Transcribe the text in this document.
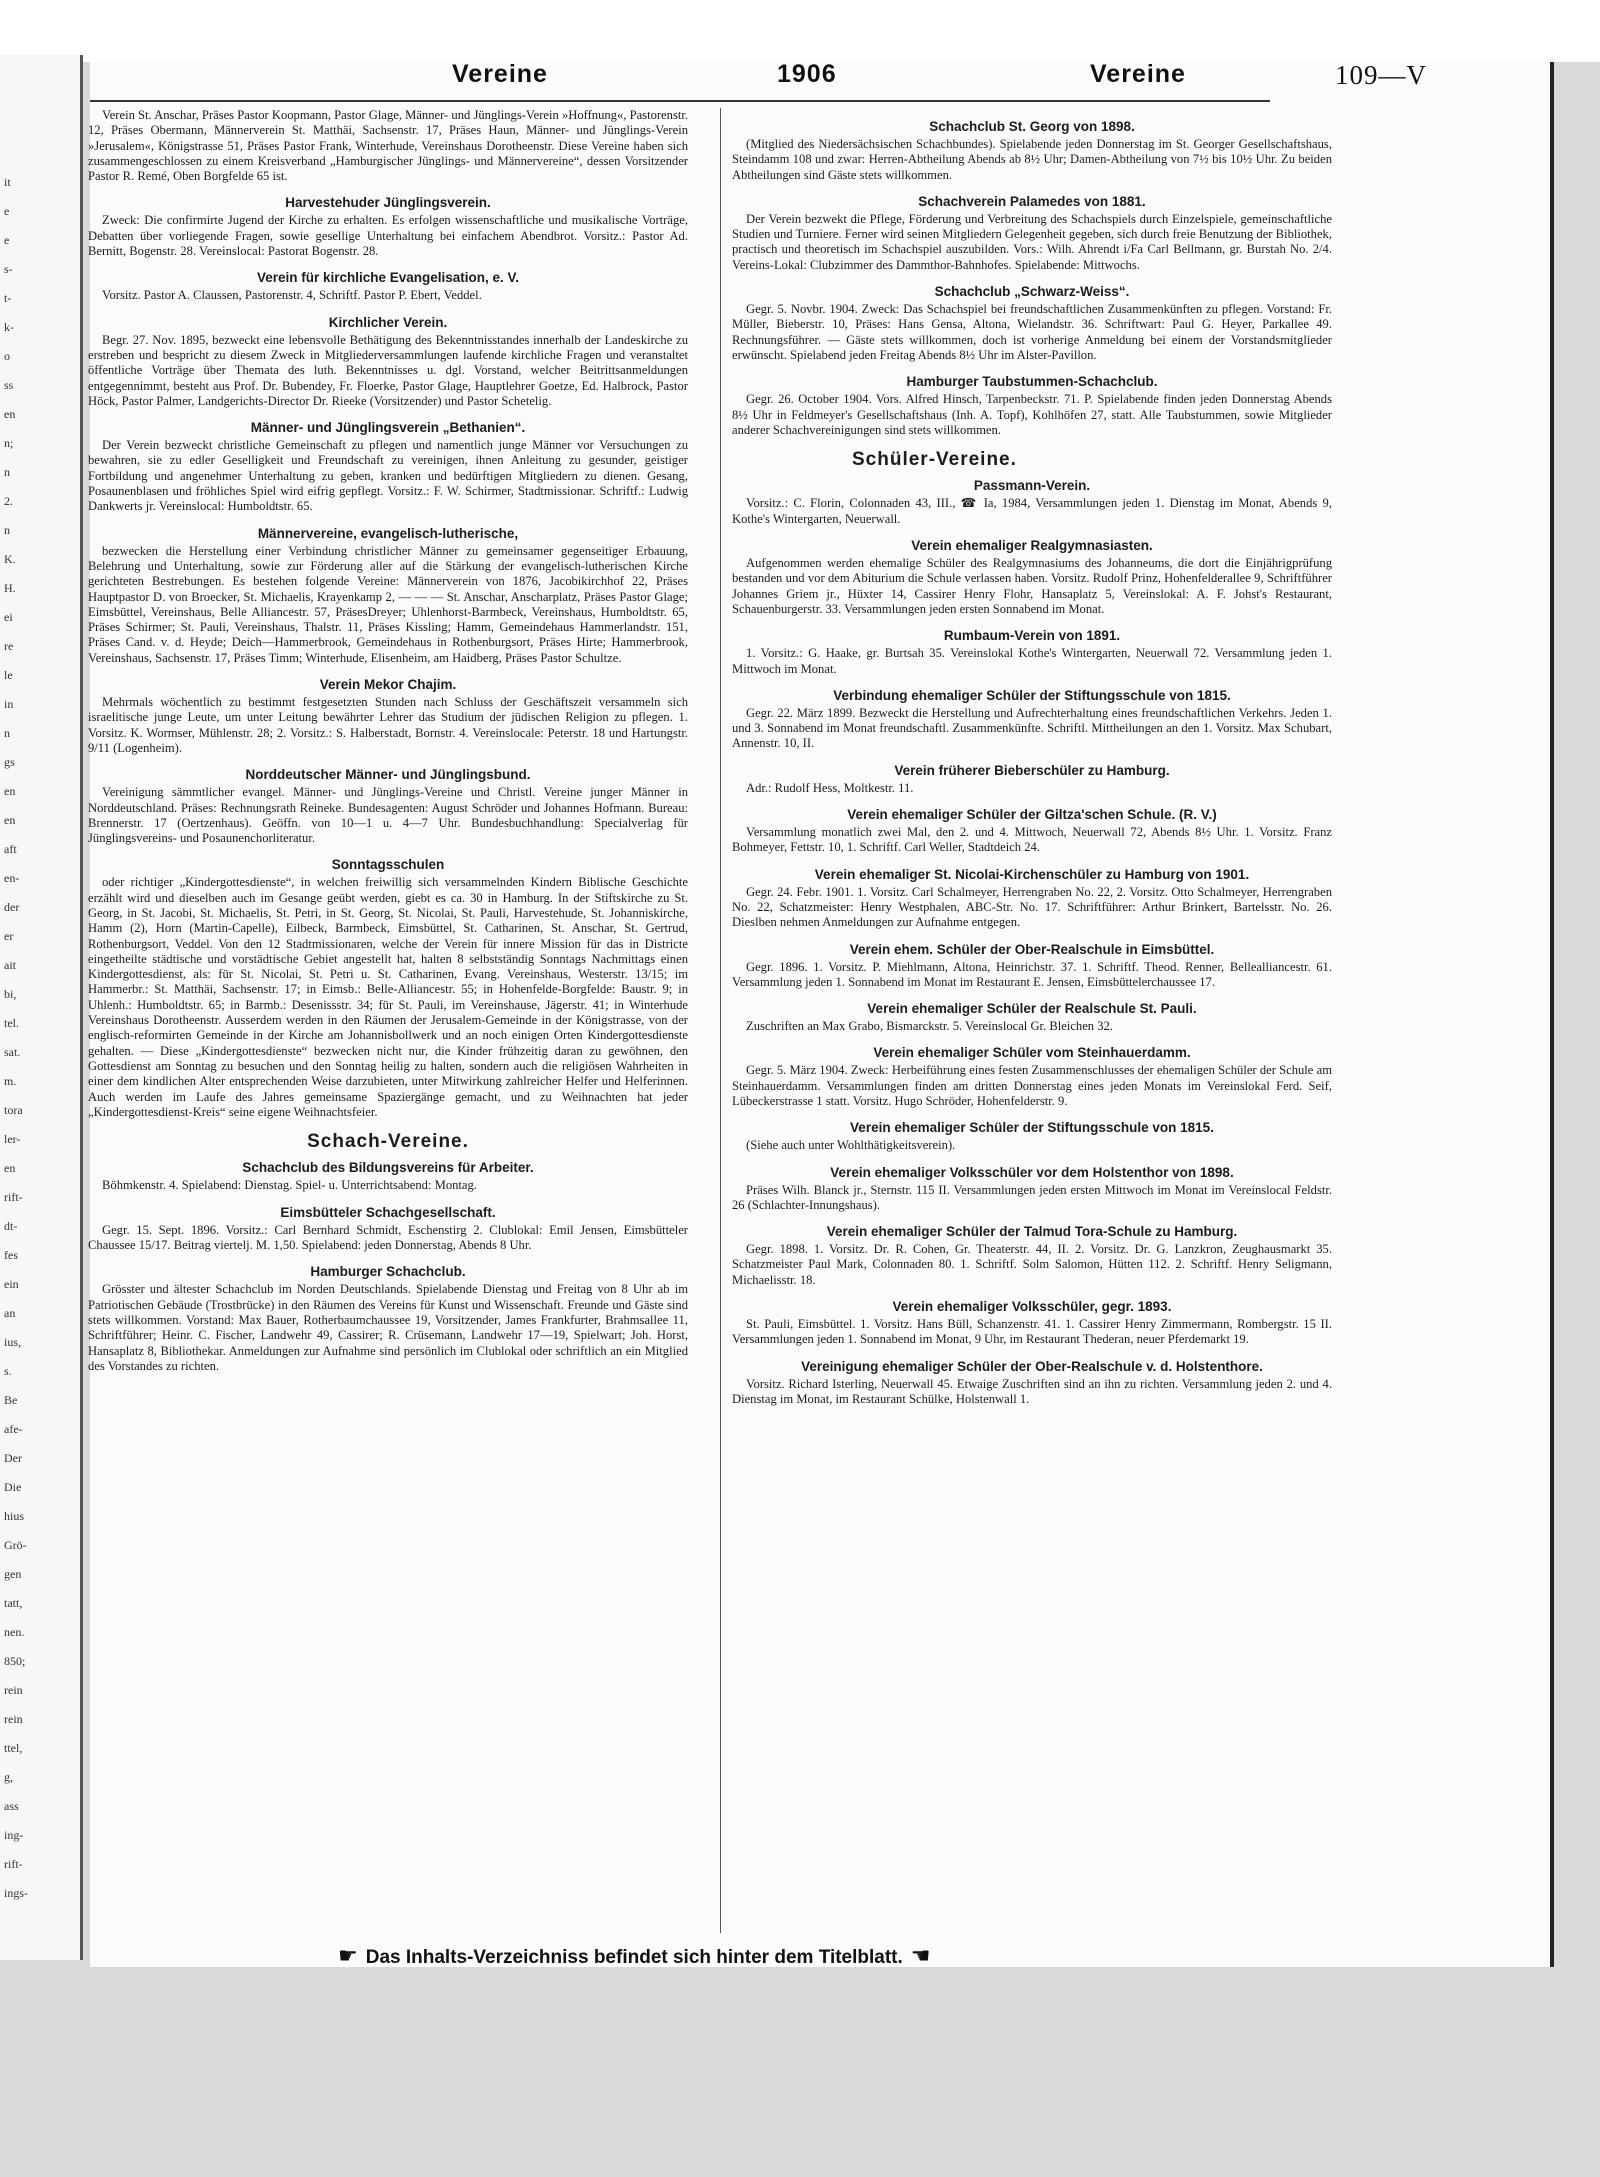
it
e
e
s-
t-
k-
o
ss
en
n;
n
2.
n
K.
H.
ei
re
le
in
n
gs
en
en
aft
en-
der
er
ait
bi,
tel.
sat.
m.
tora
ler-
en
rift-
dt-
fes
ein
an
ius,
s.
Be
afe-
Der
Die
hius
Grö-
gen
tatt,
nen.
850;
rein
rein
ttel,
g,
ass
ing-
rift-
ings-
Vereine	1906	Vereine	109—V

Verein St. Anschar, Präses Pastor Koopmann, Pastor Glage, Männer- und Jünglings-Verein »Hoffnung«, Pastorenstr. 12, Präses Obermann, Männerverein St. Matthäi, Sachsenstr. 17, Präses Haun, Männer- und Jünglings-Verein »Jerusalem«, Königstrasse 51, Präses Pastor Frank, Winterhude, Vereinshaus Dorotheenstr. Diese Vereine haben sich zusammengeschlossen zu einem Kreisverband „Hamburgischer Jünglings- und Männervereine“, dessen Vorsitzender Pastor R. Remé, Oben Borgfelde 65 ist.

Harvestehuder Jünglingsverein.

Zweck: Die confirmirte Jugend der Kirche zu erhalten. Es erfolgen wissenschaftliche und musikalische Vorträge, Debatten über vorliegende Fragen, sowie gesellige Unterhaltung bei einfachem Abendbrot. Vorsitz.: Pastor Ad. Bernitt, Bogenstr. 28. Vereinslocal: Pastorat Bogenstr. 28.

Verein für kirchliche Evangelisation, e. V.

Vorsitz. Pastor A. Claussen, Pastorenstr. 4, Schriftf. Pastor P. Ebert, Veddel.

Kirchlicher Verein.

Begr. 27. Nov. 1895, bezweckt eine lebensvolle Bethätigung des Bekenntnisstandes innerhalb der Landeskirche zu erstreben und bespricht zu diesem Zweck in Mitgliederversammlungen laufende kirchliche Fragen und veranstaltet öffentliche Vorträge über Themata des luth. Bekenntnisses u. dgl. Vorstand, welcher Beitrittsanmeldungen entgegennimmt, besteht aus Prof. Dr. Bubendey, Fr. Floerke, Pastor Glage, Hauptlehrer Goetze, Ed. Halbrock, Pastor Höck, Pastor Palmer, Landgerichts-Director Dr. Rieeke (Vorsitzender) und Pastor Schetelig.

Männer- und Jünglingsverein „Bethanien“.

Der Verein bezweckt christliche Gemeinschaft zu pflegen und namentlich junge Männer vor Versuchungen zu bewahren, sie zu edler Geselligkeit und Freundschaft zu vereinigen, ihnen Anleitung zu gesunder, geistiger Fortbildung und angenehmer Unterhaltung zu geben, kranken und bedürftigen Mitgliedern zu dienen. Gesang, Posaunenblasen und fröhliches Spiel wird eifrig gepflegt. Vorsitz.: F. W. Schirmer, Stadtmissionar. Schriftf.: Ludwig Dankwerts jr. Vereinslocal: Humboldtstr. 65.

Männervereine, evangelisch-lutherische,

bezwecken die Herstellung einer Verbindung christlicher Männer zu gemeinsamer gegenseitiger Erbauung, Belehrung und Unterhaltung, sowie zur Förderung aller auf die Stärkung der evangelisch-lutherischen Kirche gerichteten Bestrebungen. Es bestehen folgende Vereine: Männerverein von 1876, Jacobikirchhof 22, Präses Hauptpastor D. von Broecker, St. Michaelis, Krayenkamp 2, — — — St. Anschar, Anscharplatz, Präses Pastor Glage; Eimsbüttel, Vereinshaus, Belle Alliancestr. 57, PräsesDreyer; Uhlenhorst-Barmbeck, Vereinshaus, Humboldtstr. 65, Präses Schirmer; St. Pauli, Vereinshaus, Thalstr. 11, Präses Kissling; Hamm, Gemeindehaus Hammerlandstr. 151, Präses Cand. v. d. Heyde; Deich—Hammerbrook, Gemeindehaus in Rothenburgsort, Präses Hirte; Hammerbrook, Vereinshaus, Sachsenstr. 17, Präses Timm; Winterhude, Elisenheim, am Haidberg, Präses Pastor Schultze.

Verein Mekor Chajim.

Mehrmals wöchentlich zu bestimmt festgesetzten Stunden nach Schluss der Geschäftszeit versammeln sich israelitische junge Leute, um unter Leitung bewährter Lehrer das Studium der jüdischen Religion zu pflegen. 1. Vorsitz. K. Wormser, Mühlenstr. 28; 2. Vorsitz.: S. Halberstadt, Bornstr. 4. Vereinslocale: Peterstr. 18 und Hartungstr. 9/11 (Logenheim).

Norddeutscher Männer- und Jünglingsbund.

Vereinigung sämmtlicher evangel. Männer- und Jünglings-Vereine und Christl. Vereine junger Männer in Norddeutschland. Präses: Rechnungsrath Reineke. Bundesagenten: August Schröder und Johannes Hofmann. Bureau: Brennerstr. 17 (Oertzenhaus). Geöffn. von 10—1 u. 4—7 Uhr. Bundesbuchhandlung: Specialverlag für Jünglingsvereins- und Posaunenchorliteratur.

Sonntagsschulen

oder richtiger „Kindergottesdienste“, in welchen freiwillig sich versammelnden Kindern Biblische Geschichte erzählt wird und dieselben auch im Gesange geübt werden, giebt es ca. 30 in Hamburg. In der Stiftskirche zu St. Georg, in St. Jacobi, St. Michaelis, St. Petri, in St. Georg, St. Nicolai, St. Pauli, Harvestehude, St. Johanniskirche, Hamm (2), Horn (Martin-Capelle), Eilbeck, Barmbeck, Eimsbüttel, St. Catharinen, St. Anschar, St. Gertrud, Rothenburgsort, Veddel. Von den 12 Stadtmissionaren, welche der Verein für innere Mission für das in Districte eingetheilte städtische und vorstädtische Gebiet angestellt hat, halten 8 selbstständig Sonntags Nachmittags einen Kindergottesdienst, als: für St. Nicolai, St. Petri u. St. Catharinen, Evang. Vereinshaus, Westerstr. 13/15; im Hammerbr.: St. Matthäi, Sachsenstr. 17; in Eimsb.: Belle-Alliancestr. 55; in Hohenfelde-Borgfelde: Baustr. 9; in Uhlenh.: Humboldtstr. 65; in Barmb.: Desenissstr. 34; für St. Pauli, im Vereinshause, Jägerstr. 41; in Winterhude Vereinshaus Dorotheenstr. Ausserdem werden in den Räumen der Jerusalem-Gemeinde in der Königstrasse, von der englisch-reformirten Gemeinde in der Kirche am Johannisbollwerk und an noch einigen Orten Kindergottesdienste gehalten. — Diese „Kindergottesdienste“ bezwecken nicht nur, die Kinder frühzeitig daran zu gewöhnen, den Gottesdienst am Sonntag zu besuchen und den Sonntag heilig zu halten, sondern auch die religiösen Wahrheiten in einer dem kindlichen Alter entsprechenden Weise darzubieten, unter Mitwirkung zahlreicher Helfer und Helferinnen. Auch werden im Laufe des Jahres gemeinsame Spaziergänge gemacht, und zu Weihnachten hat jeder „Kindergottesdienst-Kreis“ seine eigene Weihnachtsfeier.

Schach-Vereine.
Schachclub des Bildungsvereins für Arbeiter.

Böhmkenstr. 4. Spielabend: Dienstag. Spiel- u. Unterrichtsabend: Montag.

Eimsbütteler Schachgesellschaft.

Gegr. 15. Sept. 1896. Vorsitz.: Carl Bernhard Schmidt, Eschenstirg 2. Clublokal: Emil Jensen, Eimsbütteler Chaussee 15/17. Beitrag viertelj. M. 1,50. Spielabend: jeden Donnerstag, Abends 8 Uhr.

Hamburger Schachclub.

Grösster und ältester Schachclub im Norden Deutschlands. Spielabende Dienstag und Freitag von 8 Uhr ab im Patriotischen Gebäude (Trostbrücke) in den Räumen des Vereins für Kunst und Wissenschaft. Freunde und Gäste sind stets willkommen. Vorstand: Max Bauer, Rotherbaumchaussee 19, Vorsitzender, James Frankfurter, Brahmsallee 11, Schriftführer; Heinr. C. Fischer, Landwehr 49, Cassirer; R. Crüsemann, Landwehr 17—19, Spielwart; Joh. Horst, Hansaplatz 8, Bibliothekar. Anmeldungen zur Aufnahme sind persönlich im Clublokal oder schriftlich an ein Mitglied des Vorstandes zu richten.

Schachclub St. Georg von 1898.

(Mitglied des Niedersächsischen Schachbundes). Spielabende jeden Donnerstag im St. Georger Gesellschaftshaus, Steindamm 108 und zwar: Herren-Abtheilung Abends ab 8½ Uhr; Damen-Abtheilung von 7½ bis 10½ Uhr. Zu beiden Abtheilungen sind Gäste stets willkommen.

Schachverein Palamedes von 1881.

Der Verein bezwekt die Pflege, Förderung und Verbreitung des Schachspiels durch Einzelspiele, gemeinschaftliche Studien und Turniere. Ferner wird seinen Mitgliedern Gelegenheit gegeben, sich durch freie Benutzung der Bibliothek, practisch und theoretisch im Schachspiel auszubilden. Vors.: Wilh. Ahrendt i/Fa Carl Bellmann, gr. Burstah No. 2/4. Vereins-Lokal: Clubzimmer des Dammthor-Bahnhofes. Spielabende: Mittwochs.

Schachclub „Schwarz-Weiss“.

Gegr. 5. Novbr. 1904. Zweck: Das Schachspiel bei freundschaftlichen Zusammenkünften zu pflegen. Vorstand: Fr. Müller, Bieberstr. 10, Präses: Hans Gensa, Altona, Wielandstr. 36. Schriftwart: Paul G. Heyer, Parkallee 49. Rechnungsführer. — Gäste stets willkommen, doch ist vorherige Anmeldung bei einem der Vorstandsmitglieder erwünscht. Spielabend jeden Freitag Abends 8½ Uhr im Alster-Pavillon.

Hamburger Taubstummen-Schachclub.

Gegr. 26. October 1904. Vors. Alfred Hinsch, Tarpenbeckstr. 71. P. Spielabende finden jeden Donnerstag Abends 8½ Uhr in Feldmeyer's Gesellschaftshaus (Inh. A. Topf), Kohlhöfen 27, statt. Alle Taubstummen, sowie Mitglieder anderer Schachvereinigungen sind stets willkommen.

Schüler-Vereine.
Passmann-Verein.

Vorsitz.: C. Florin, Colonnaden 43, III., ☎ Ia, 1984, Versammlungen jeden 1. Dienstag im Monat, Abends 9, Kothe's Wintergarten, Neuerwall.

Verein ehemaliger Realgymnasiasten.

Aufgenommen werden ehemalige Schüler des Realgymnasiums des Johanneums, die dort die Einjährigprüfung bestanden und vor dem Abiturium die Schule verlassen haben. Vorsitz. Rudolf Prinz, Hohenfelderallee 9, Schriftführer Johannes Griem jr., Hüxter 14, Cassirer Henry Flohr, Hansaplatz 5, Vereinslokal: A. F. Johst's Restaurant, Schauenburgerstr. 33. Versammlungen jeden ersten Sonnabend im Monat.

Rumbaum-Verein von 1891.

1. Vorsitz.: G. Haake, gr. Burtsah 35. Vereinslokal Kothe's Wintergarten, Neuerwall 72. Versammlung jeden 1. Mittwoch im Monat.

Verbindung ehemaliger Schüler der Stiftungsschule von 1815.

Gegr. 22. März 1899. Bezweckt die Herstellung und Aufrechterhaltung eines freundschaftlichen Verkehrs. Jeden 1. und 3. Sonnabend im Monat freundschaftl. Zusammenkünfte. Schriftl. Mittheilungen an den 1. Vorsitz. Max Schubart, Annenstr. 10, II.

Verein früherer Bieberschüler zu Hamburg.

Adr.: Rudolf Hess, Moltkestr. 11.

Verein ehemaliger Schüler der Giltza'schen Schule. (R. V.)

Versammlung monatlich zwei Mal, den 2. und 4. Mittwoch, Neuerwall 72, Abends 8½ Uhr. 1. Vorsitz. Franz Bohmeyer, Fettstr. 10, 1. Schriftf. Carl Weller, Stadtdeich 24.

Verein ehemaliger St. Nicolai-Kirchenschüler zu Hamburg von 1901.

Gegr. 24. Febr. 1901. 1. Vorsitz. Carl Schalmeyer, Herrengraben No. 22, 2. Vorsitz. Otto Schalmeyer, Herrengraben No. 22, Schatzmeister: Henry Westphalen, ABC-Str. No. 17. Schriftführer: Arthur Brinkert, Bartelsstr. No. 26. Dieslben nehmen Anmeldungen zur Aufnahme entgegen.

Verein ehem. Schüler der Ober-Realschule in Eimsbüttel.

Gegr. 1896. 1. Vorsitz. P. Miehlmann, Altona, Heinrichstr. 37. 1. Schriftf. Theod. Renner, Bellealliancestr. 61. Versammlung jeden 1. Sonnabend im Monat im Restaurant E. Jensen, Eimsbüttelerchaussee 17.

Verein ehemaliger Schüler der Realschule St. Pauli.

Zuschriften an Max Grabo, Bismarckstr. 5. Vereinslocal Gr. Bleichen 32.

Verein ehemaliger Schüler vom Steinhauerdamm.

Gegr. 5. März 1904. Zweck: Herbeiführung eines festen Zusammenschlusses der ehemaligen Schüler der Schule am Steinhauerdamm. Versammlungen finden am dritten Donnerstag eines jeden Monats im Vereinslokal Ferd. Seif, Lübeckerstrasse 1 statt. Vorsitz. Hugo Schröder, Hohenfelderstr. 9.

Verein ehemaliger Schüler der Stiftungsschule von 1815.

(Siehe auch unter Wohlthätigkeitsverein).

Verein ehemaliger Volksschüler vor dem Holstenthor von 1898.

Präses Wilh. Blanck jr., Sternstr. 115 II. Versammlungen jeden ersten Mittwoch im Monat im Vereinslocal Feldstr. 26 (Schlachter-Innungshaus).

Verein ehemaliger Schüler der Talmud Tora-Schule zu Hamburg.

Gegr. 1898. 1. Vorsitz. Dr. R. Cohen, Gr. Theaterstr. 44, II. 2. Vorsitz. Dr. G. Lanzkron, Zeughausmarkt 35. Schatzmeister Paul Mark, Colonnaden 80. 1. Schriftf. Solm Salomon, Hütten 112. 2. Schriftf. Henry Seligmann, Michaelisstr. 18.

Verein ehemaliger Volksschüler, gegr. 1893.

St. Pauli, Eimsbüttel. 1. Vorsitz. Hans Büll, Schanzenstr. 41. 1. Cassirer Henry Zimmermann, Rombergstr. 15 II. Versammlungen jeden 1. Sonnabend im Monat, 9 Uhr, im Restaurant Thederan, neuer Pferdemarkt 19.

Vereinigung ehemaliger Schüler der Ober-Realschule v. d. Holstenthore.

Vorsitz. Richard Isterling, Neuerwall 45. Etwaige Zuschriften sind an ihn zu richten. Versammlung jeden 2. und 4. Dienstag im Monat, im Restaurant Schülke, Holstenwall 1.

☛ Das Inhalts-Verzeichniss befindet sich hinter dem Titelblatt. ☚
